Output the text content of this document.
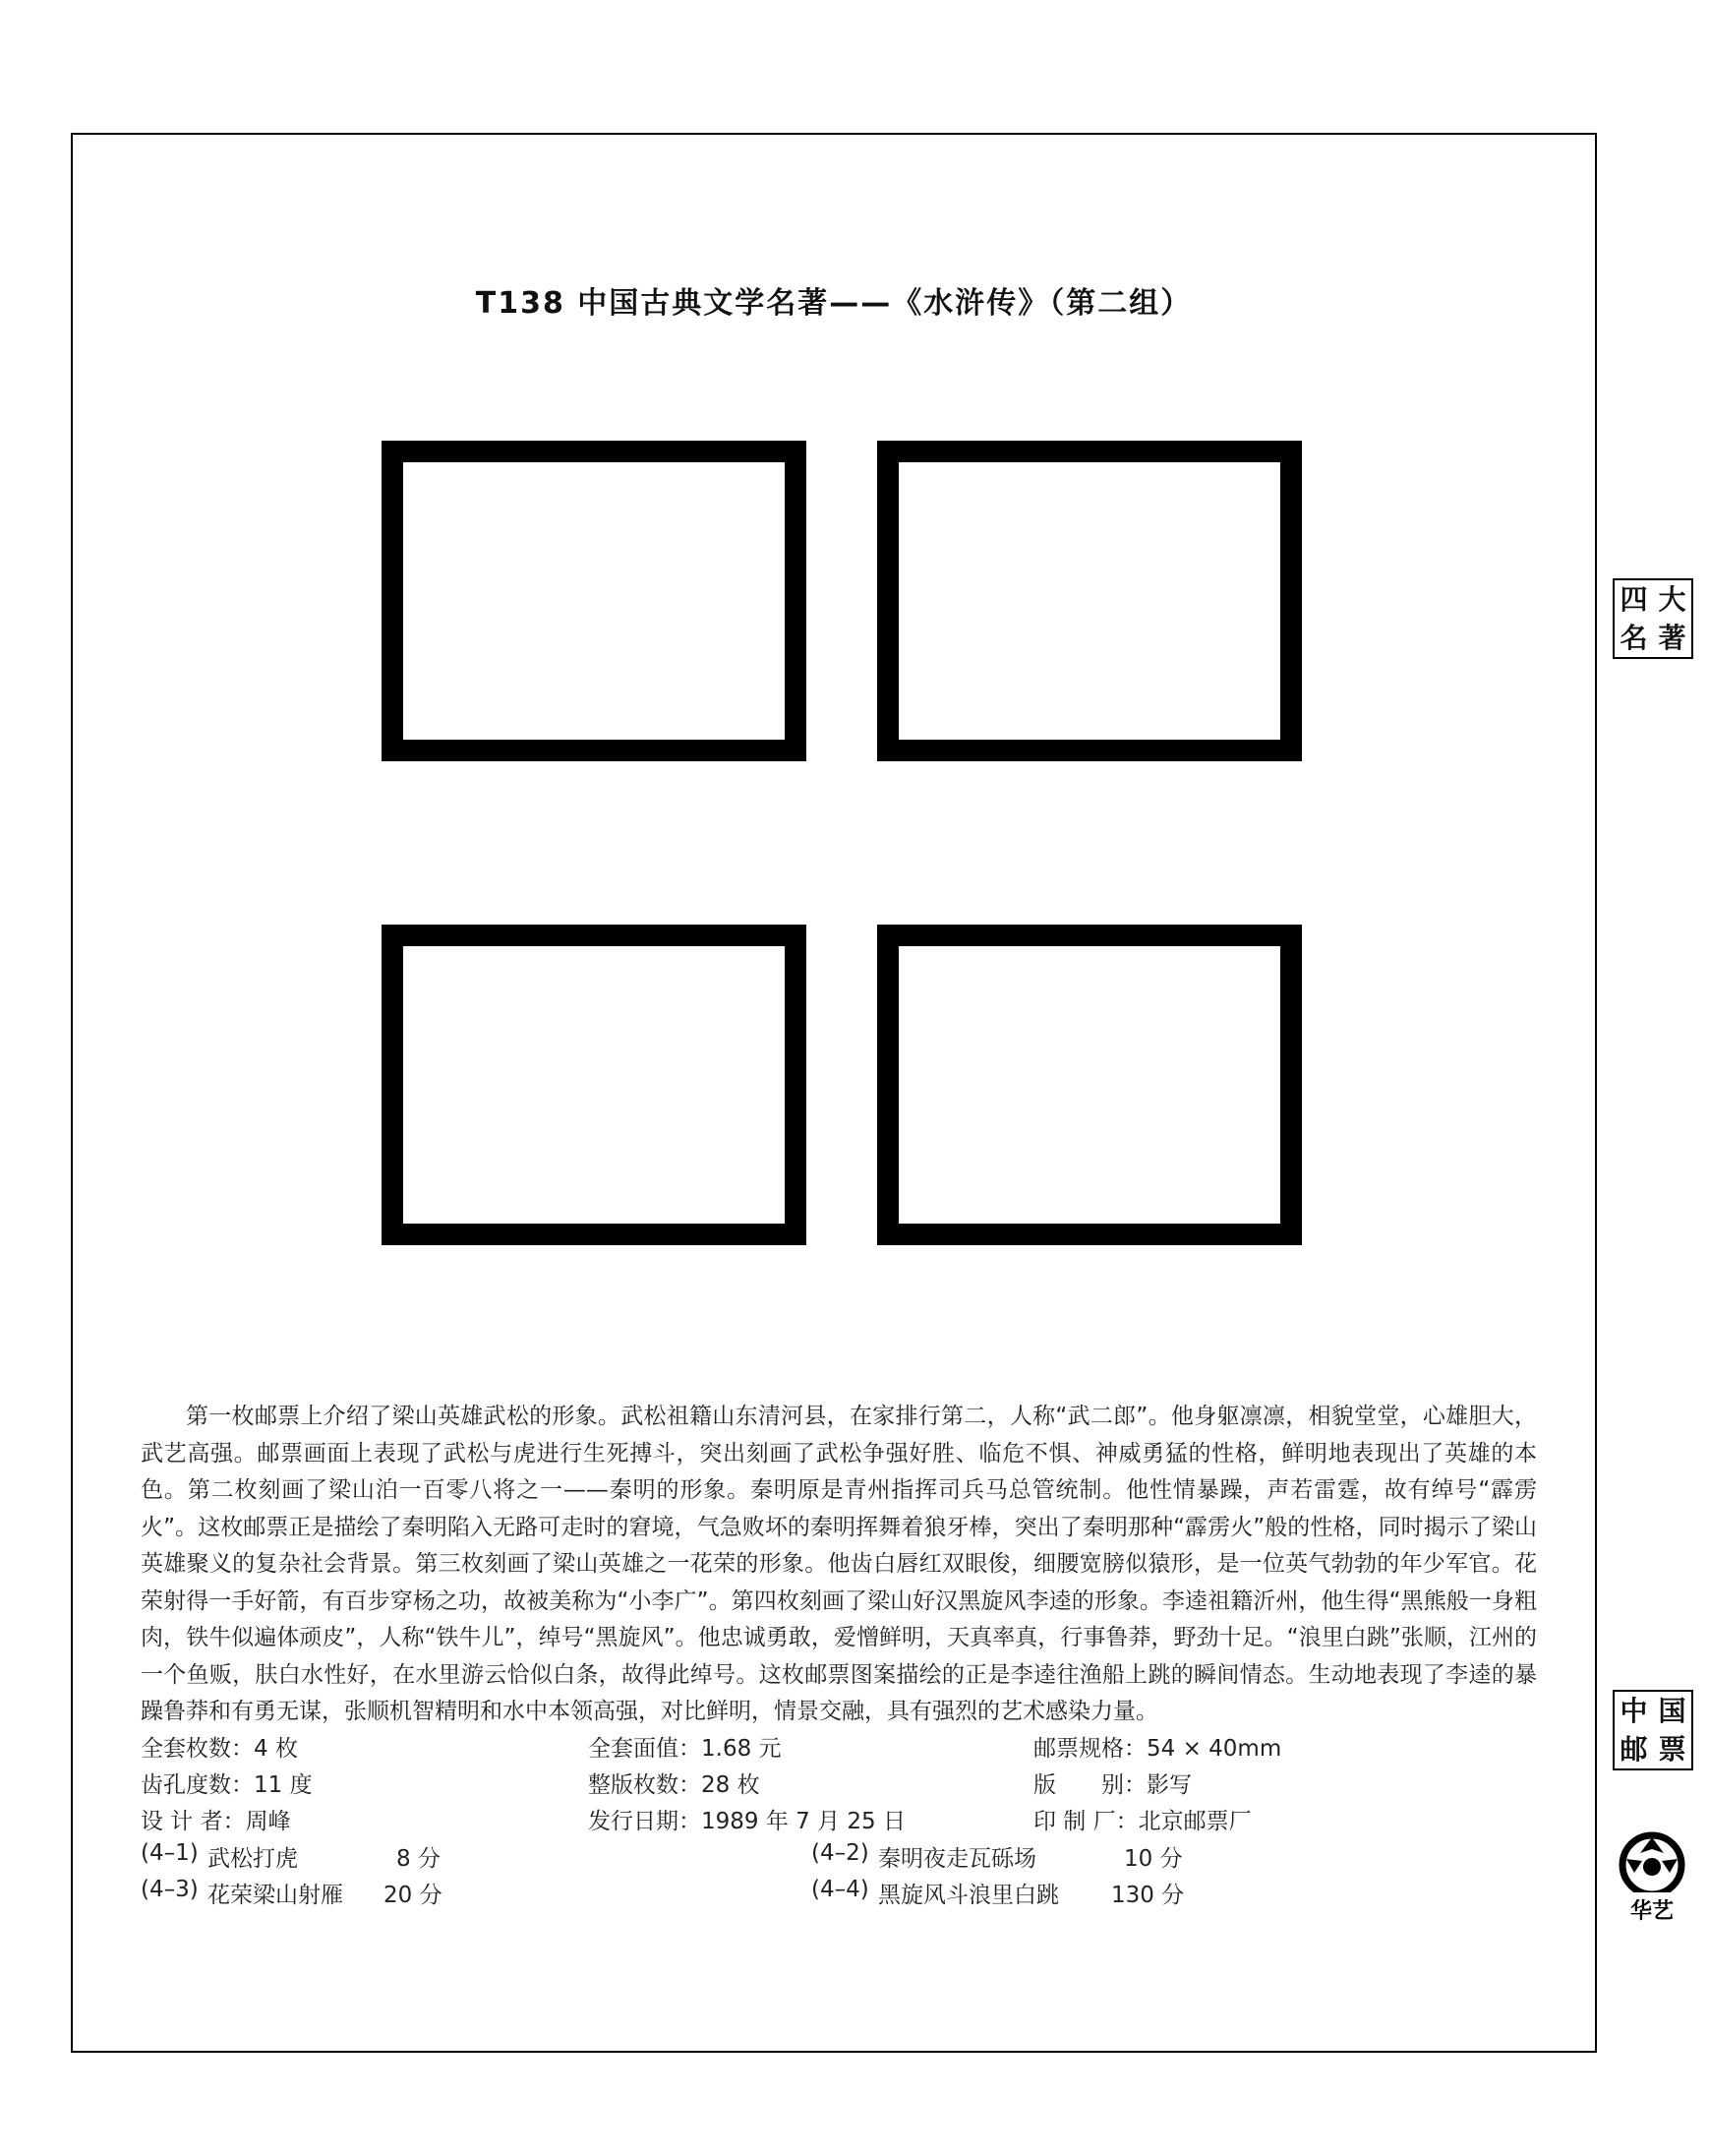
T138 中国古典文学名著——《水浒传》（第二组）
四 大
名 著
中 国
邮 票
第一枚邮票上介绍了梁山英雄武松的形象。武松祖籍山东清河县，在家排行第二，人称“武二郎”。他身躯凛凛，相貌堂堂，心雄胆大，武艺高强。邮票画面上表现了武松与虎进行生死搏斗，突出刻画了武松争强好胜、临危不惧、神威勇猛的性格，鲜明地表现出了英雄的本色。第二枚刻画了梁山泊一百零八将之一——秦明的形象。秦明原是青州指挥司兵马总管统制。他性情暴躁，声若雷霆，故有绰号“霹雳火”。这枚邮票正是描绘了秦明陷入无路可走时的窘境，气急败坏的秦明挥舞着狼牙棒，突出了秦明那种“霹雳火”般的性格，同时揭示了梁山英雄聚义的复杂社会背景。第三枚刻画了梁山英雄之一花荣的形象。他齿白唇红双眼俊，细腰宽膀似猿形，是一位英气勃勃的年少军官。花荣射得一手好箭，有百步穿杨之功，故被美称为“小李广”。第四枚刻画了梁山好汉黑旋风李逵的形象。李逵祖籍沂州，他生得“黑熊般一身粗肉，铁牛似遍体顽皮”，人称“铁牛儿”，绰号“黑旋风”。他忠诚勇敢，爱憎鲜明，天真率真，行事鲁莽，野劲十足。“浪里白跳”张顺，江州的一个鱼贩，肤白水性好，在水里游云恰似白条，故得此绰号。这枚邮票图案描绘的正是李逵往渔船上跳的瞬间情态。生动地表现了李逵的暴躁鲁莽和有勇无谋，张顺机智精明和水中本领高强，对比鲜明，情景交融，具有强烈的艺术感染力量。
全套枚数：4 枚	全套面值：1.68 元	邮票规格：54 × 40mm
齿孔度数：11 度	整版枚数：28 枚	版　　别：影写
设 计 者：周峰	发行日期：1989 年 7 月 25 日	印 制 厂：北京邮票厂
(4–1) 武松打虎	8 分	(4–2) 秦明夜走瓦砾场	10 分
(4–3) 花荣梁山射雁 20 分	(4–4) 黑旋风斗浪里白跳 130 分
华艺
